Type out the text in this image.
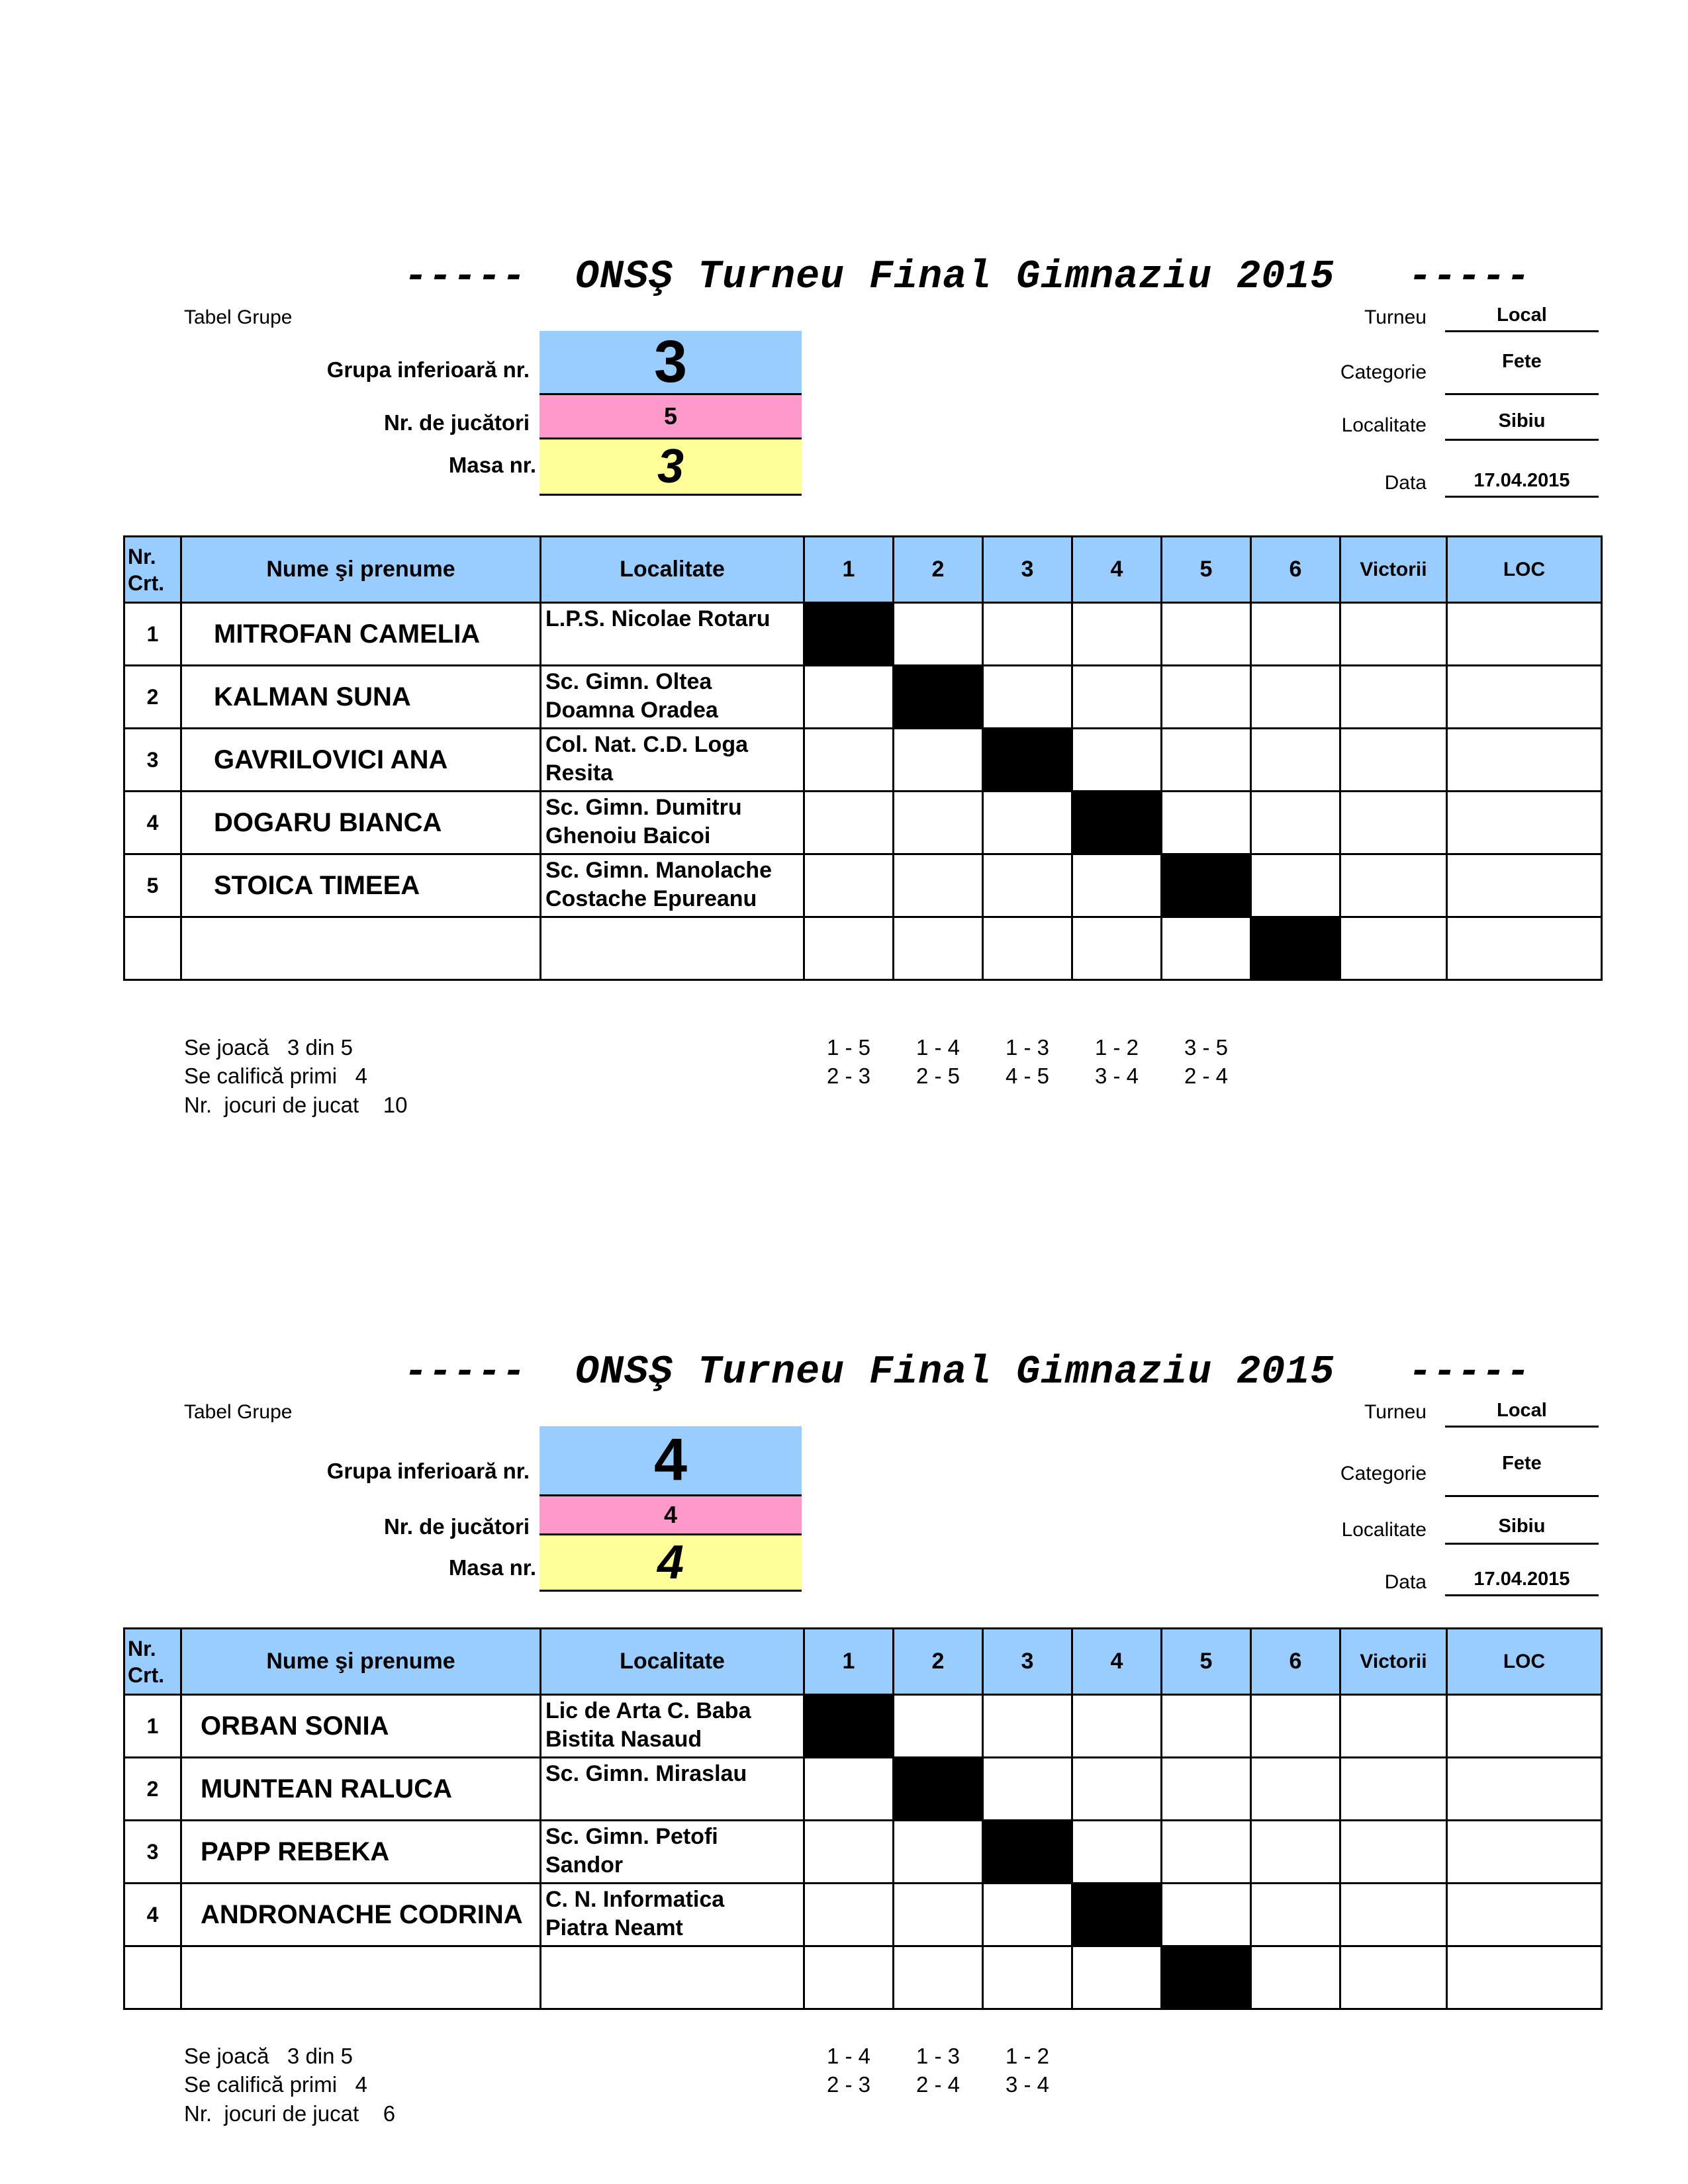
-----  ONSŞ Turneu Final Gimnaziu 2015   -----
Tabel Grupe
Grupa inferioară nr.	3
Nr. de jucători	5
Masa nr.	3
Turneu	Local
Categorie	Fete
Localitate	Sibiu
Data	17.04.2015
Nr.
Crt.	Nume şi prenume	Localitate	1	2	3	4	5	6	Victorii	LOC
1	MITROFAN CAMELIA	L.P.S. Nicolae Rotaru

2	KALMAN SUNA	Sc. Gimn. Oltea
Doamna Oradea								
3	GAVRILOVICI ANA	Col. Nat. C.D. Loga
Resita								
4	DOGARU BIANCA	Sc. Gimn. Dumitru
Ghenoiu Baicoi								
5	STOICA TIMEEA	Sc. Gimn. Manolache
Costache Epureanu								

Se joacă   3 din 5
Se califică primi   4
Nr.  jocuri de jucat    10
1 - 5	1 - 4	1 - 3	1 - 2	3 - 5
2 - 3	2 - 5	4 - 5	3 - 4	2 - 4
-----  ONSŞ Turneu Final Gimnaziu 2015   -----
Tabel Grupe
Grupa inferioară nr.	4
Nr. de jucători	4
Masa nr.	4
Turneu	Local
Categorie	Fete
Localitate	Sibiu
Data	17.04.2015
Nr.
Crt.	Nume şi prenume	Localitate	1	2	3	4	5	6	Victorii	LOC
1	ORBAN SONIA	Lic de Arta C. Baba
Bistita Nasaud								
2	MUNTEAN RALUCA	Sc. Gimn. Miraslau

3	PAPP REBEKA	Sc. Gimn. Petofi
Sandor								
4	ANDRONACHE CODRINA	C. N. Informatica
Piatra Neamt								

Se joacă   3 din 5
Se califică primi   4
Nr.  jocuri de jucat    6
1 - 4	1 - 3	1 - 2
2 - 3	2 - 4	3 - 4
